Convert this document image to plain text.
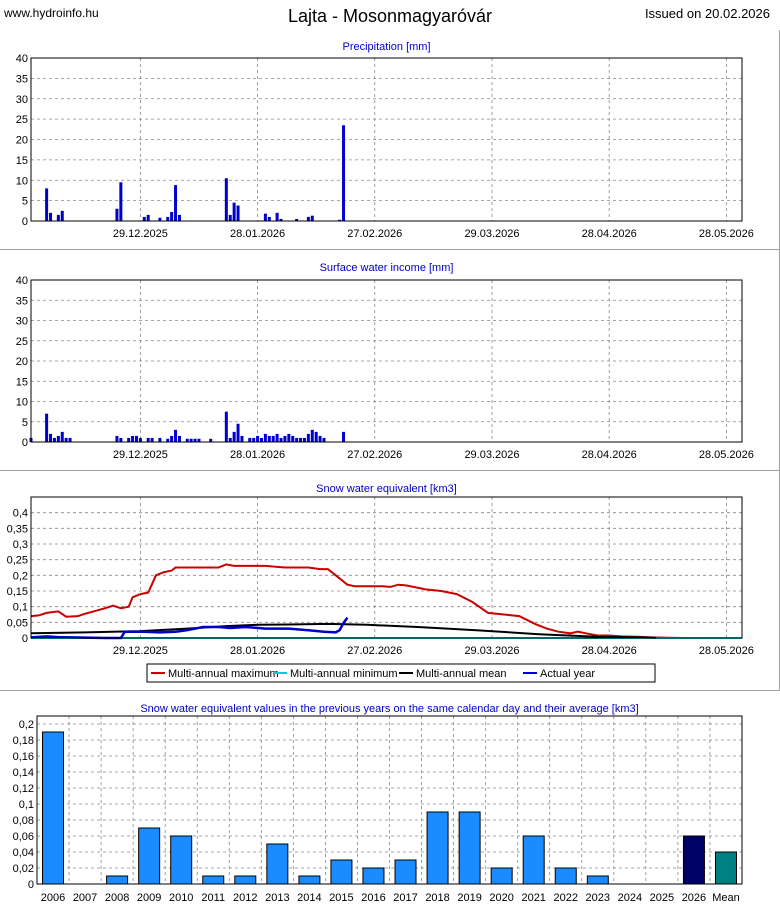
www.hydroinfo.hu	Lajta - Mosonmagyaróvár	Issued on 20.02.2026
Precipitation [mm]
0
5
10
15
20
25
30
35
40
29.12.2025	28.01.2026	27.02.2026	29.03.2026	28.04.2026	28.05.2026
Surface water income [mm]
0
5
10
15
20
25
30
35
40
29.12.2025	28.01.2026	27.02.2026	29.03.2026	28.04.2026	28.05.2026
Snow water equivalent [km3]
0
0,05
0,1
0,15
0,2
0,25
0,3
0,35
0,4
29.12.2025	28.01.2026	27.02.2026	29.03.2026	28.04.2026	28.05.2026
Multi-annual maximum Multi-annual minimum Multi-annual mean	Actual year
Snow water equivalent values in the previous years on the same calendar day and their average [km3]
0
0,02
0,04
0,06
0,08
0,1
0,12
0,14
0,16
0,18
0,2
2006 2007 2008 2009 2010 2011 2012 2013 2014 2015 2016 2017 2018 2019 2020 2021 2022 2023 2024 2025 2026 Mean
